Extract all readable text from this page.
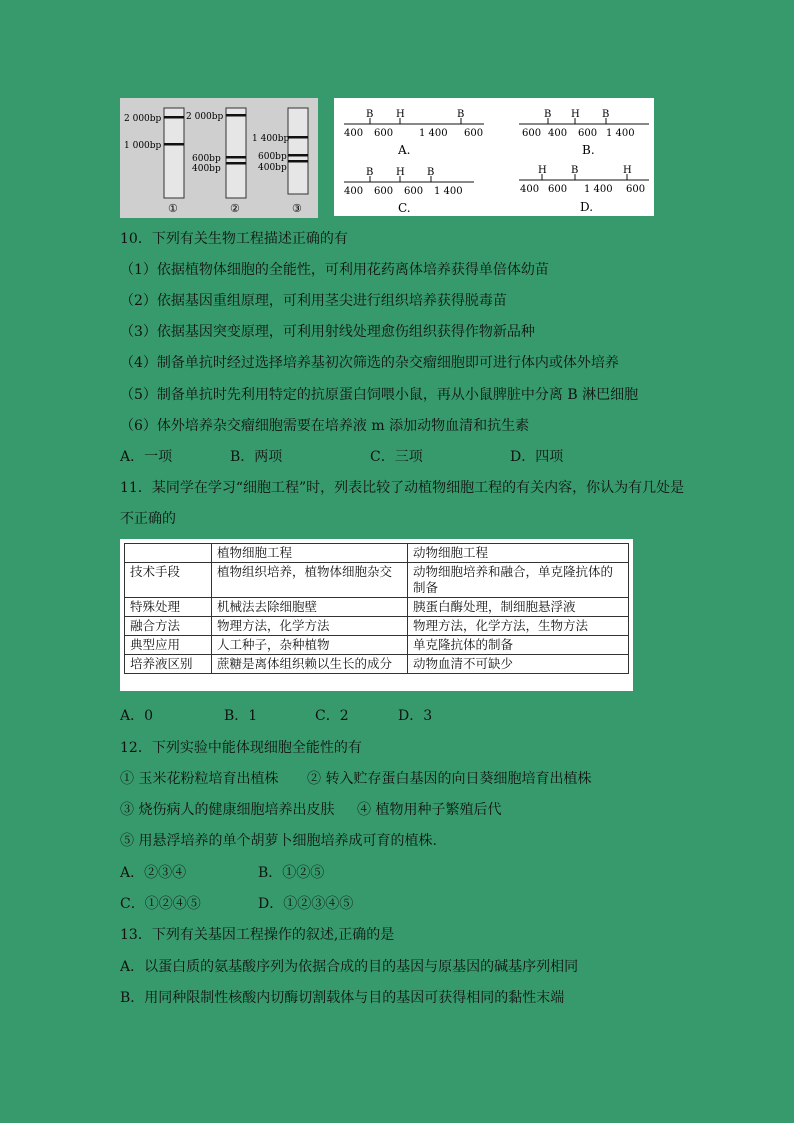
2 000bp
1 000bp
2 000bp
600bp
400bp
1 400bp
600bp
400bp
①	②	③
B H	B
400 600	1 400 600
A.
B H B
600 400 600 1 400
B.
B H B
400 600 600 1 400
C.
H B	H
400 600 1 400 600
D.
10．下列有关生物工程描述正确的有
（1）依据植物体细胞的全能性，可利用花药离体培养获得单倍体幼苗
（2）依据基因重组原理，可利用茎尖进行组织培养获得脱毒苗
（3）依据基因突变原理，可利用射线处理愈伤组织获得作物新品种
（4）制备单抗时经过选择培养基初次筛选的杂交瘤细胞即可进行体内或体外培养
（5）制备单抗时先利用特定的抗原蛋白饲喂小鼠，再从小鼠脾脏中分离 B 淋巴细胞
（6）体外培养杂交瘤细胞需要在培养液 m 添加动物血清和抗生素
A．一项	B．两项	C．三项	D．四项
11．某同学在学习“细胞工程”时，列表比较了动植物细胞工程的有关内容，你认为有几处是
不正确的
	植物细胞工程	动物细胞工程
技术手段	植物组织培养，植物体细胞杂交	动物细胞培养和融合，单克隆抗体的制备
特殊处理	机械法去除细胞壁	胰蛋白酶处理，制细胞悬浮液
融合方法	物理方法，化学方法	物理方法，化学方法，生物方法
典型应用	人工种子，杂种植物	单克隆抗体的制备
培养液区别	蔗糖是离体组织赖以生长的成分	动物血清不可缺少
A．0	B．1	C．2	D．3
12．下列实验中能体现细胞全能性的有
① 玉米花粉粒培育出植株 ② 转入贮存蛋白基因的向日葵细胞培育出植株
③ 烧伤病人的健康细胞培养出皮肤 ④ 植物用种子繁殖后代
⑤ 用悬浮培养的单个胡萝卜细胞培养成可育的植株.
A．②③④	B．①②⑤
C．①②④⑤	D．①②③④⑤
13．下列有关基因工程操作的叙述,正确的是
A．以蛋白质的氨基酸序列为依据合成的目的基因与原基因的碱基序列相同
B．用同种限制性核酸内切酶切割载体与目的基因可获得相同的黏性末端
